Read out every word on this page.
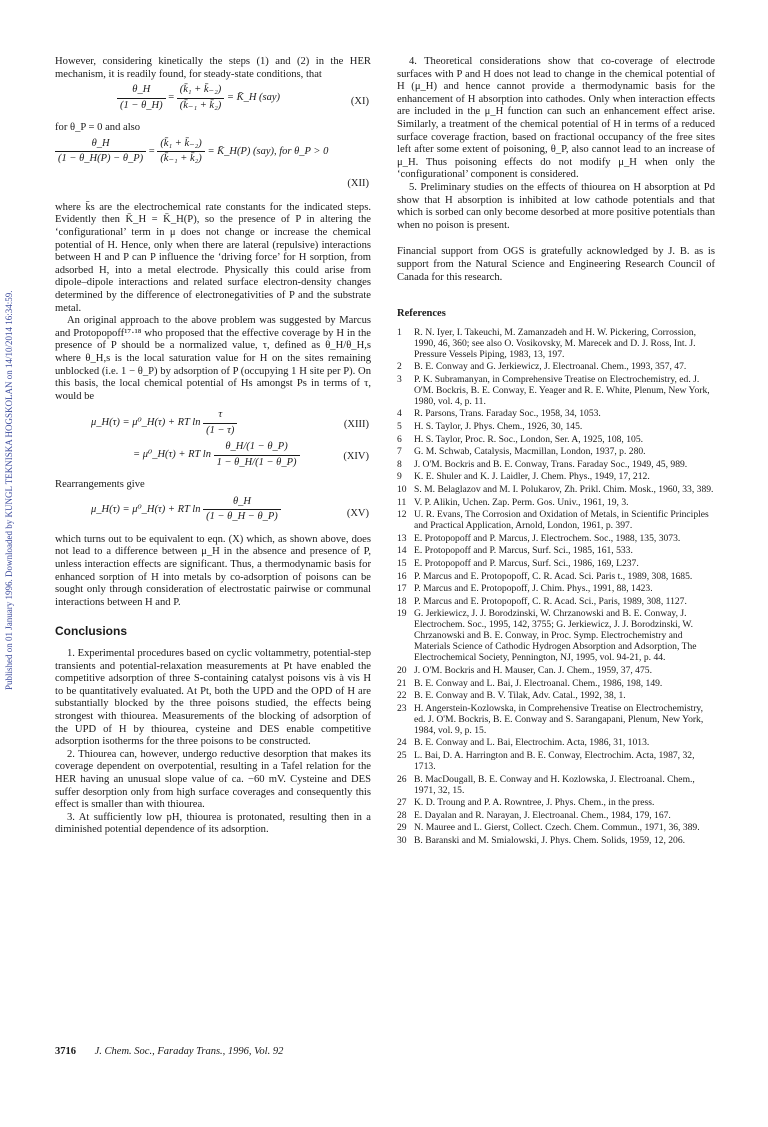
Published on 01 January 1996. Downloaded by KUNGL TEKNISKA HOGSKOLAN on 14/10/2014 16:34:59.

However, considering kinetically the steps (1) and (2) in the HER mechanism, it is readily found, for steady-state conditions, that

$\frac{\theta\_H}{(1 - \theta\_H)} = \frac{\text{(k̄₁ + k̄₋₂)}}{\text{(k̄₋₁ + k̄₂)}}$ = K̄_H (say)	(XI)

for θ_P = 0 and also

$\frac{\theta\_H}{(1 - \theta\_H(P) - \theta\_P)} = \frac{\text{(k̄₁ + k̄₋₂)}}{\text{(k̄₋₁ + k̄₂)}}$ = K̄_H(P) (say), for θ_P > 0
(XII)

where k̄s are the electrochemical rate constants for the indicated steps. Evidently then K̄_H = K̄_H(P), so the presence of P in altering the ‘configurational’ term in μ does not change or increase the chemical potential of H. Hence, only when there are lateral (repulsive) interactions between H and P can P influence the ‘driving force’ for H sorption, from adsorbed H, into a metal electrode. Physically this could arise from dipole–dipole interactions and related surface electron-density changes determined by the difference of electronegativities of P and the substrate metal.

An original approach to the above problem was suggested by Marcus and Protopopoff¹⁷·¹⁸ who proposed that the effective coverage by H in the presence of P should be a normalized value, τ, defined as θ_H/θ_H,s where θ_H,s is the local saturation value for H on the sites remaining unblocked (i.e. 1 − θ_P) by adsorption of P (occupying 1 H site per P). On this basis, the local chemical potential of Hs amongst Ps in terms of τ, would be

μ_H(τ) = μ⁰_H(τ) + RT $\ln \frac{\tau}{(1 - \tau)}$	(XIII)
= μ⁰_H(τ) + RT $\ln \frac{\theta\_H/(1 - \theta\_P)}{1 - \theta\_H/(1 - \theta\_P)}$	(XIV)

Rearrangements give

μ_H(τ) = μ⁰_H(τ) + RT $\ln \frac{\theta\_H}{(1 - \theta\_H - \theta\_P)}$	(XV)

which turns out to be equivalent to eqn. (X) which, as shown above, does not lead to a difference between μ_H in the absence and presence of P, unless interaction effects are significant. Thus, a thermodynamic basis for enhanced sorption of H into metals by co-adsorption of poisons can be sought only through consideration of electrostatic pairwise or communal interactions between H and P.

Conclusions

1. Experimental procedures based on cyclic voltammetry, potential-step transients and potential-relaxation measurements at Pt have enabled the competitive adsorption of three S-containing catalyst poisons vis à vis H to be quantitatively evaluated. At Pt, both the UPD and the OPD of H are substantially blocked by the three poisons studied, the effects being strongest with thiourea. Measurements of the blocking of adsorption of the UPD of H by thiourea, cysteine and DES enable competitive adsorption isotherms for the three poisons to be constructed.

2. Thiourea can, however, undergo reductive desorption that makes its coverage dependent on overpotential, resulting in a Tafel relation for the HER having an unusual slope value of ca. −60 mV. Cysteine and DES suffer desorption only from high surface coverages and consequently this effect is smaller than with thiourea.

3. At sufficiently low pH, thiourea is protonated, resulting then in a diminished potential dependence of its adsorption.

4. Theoretical considerations show that co-coverage of electrode surfaces with P and H does not lead to change in the chemical potential of H (μ_H) and hence cannot provide a thermodynamic basis for the enhancement of H absorption into cathodes. Only when interaction effects are included in the μ_H function can such an enhancement effect arise. Similarly, a treatment of the chemical potential of H in terms of a reduced surface coverage fraction, based on fractional occupancy of the free sites left after some extent of poisoning, θ_P, also cannot lead to an increase of μ_H. Thus poisoning effects do not modify μ_H when only the ‘configurational’ component is considered.

5. Preliminary studies on the effects of thiourea on H absorption at Pd show that H absorption is inhibited at low cathode potentials and that which is sorbed can only become desorbed at more positive potentials than when no poison is present.

Financial support from OGS is gratefully acknowledged by J. B. as is support from the Natural Science and Engineering Research Council of Canada for this research.

References
1	R. N. Iyer, I. Takeuchi, M. Zamanzadeh and H. W. Pickering, Corrossion, 1990, 46, 360; see also O. Vosikovsky, M. Marecek and D. J. Ross, Int. J. Pressure Vessels Piping, 1983, 13, 197.
2	B. E. Conway and G. Jerkiewicz, J. Electroanal. Chem., 1993, 357, 47.
3	P. K. Subramanyan, in Comprehensive Treatise on Electrochemistry, ed. J. O'M. Bockris, B. E. Conway, E. Yeager and R. E. White, Plenum, New York, 1980, vol. 4, p. 11.
4	R. Parsons, Trans. Faraday Soc., 1958, 34, 1053.
5	H. S. Taylor, J. Phys. Chem., 1926, 30, 145.
6	H. S. Taylor, Proc. R. Soc., London, Ser. A, 1925, 108, 105.
7	G. M. Schwab, Catalysis, Macmillan, London, 1937, p. 280.
8	J. O'M. Bockris and B. E. Conway, Trans. Faraday Soc., 1949, 45, 989.
9	K. E. Shuler and K. J. Laidler, J. Chem. Phys., 1949, 17, 212.
10 S. M. Belaglazov and M. I. Polukarov, Zh. Prikl. Chim. Mosk., 1960, 33, 389.
11 V. P. Alikin, Uchen. Zap. Perm. Gos. Univ., 1961, 19, 3.
12 U. R. Evans, The Corrosion and Oxidation of Metals, in Scientific Principles and Practical Application, Arnold, London, 1961, p. 397.
13 E. Protopopoff and P. Marcus, J. Electrochem. Soc., 1988, 135, 3073.
14 E. Protopopoff and P. Marcus, Surf. Sci., 1985, 161, 533.
15 E. Protopopoff and P. Marcus, Surf. Sci., 1986, 169, L237.
16 P. Marcus and E. Protopopoff, C. R. Acad. Sci. Paris t., 1989, 308, 1685.
17 P. Marcus and E. Protopopoff, J. Chim. Phys., 1991, 88, 1423.
18 P. Marcus and E. Protopopoff, C. R. Acad. Sci., Paris, 1989, 308, 1127.
19 G. Jerkiewicz, J. J. Borodzinski, W. Chrzanowski and B. E. Conway, J. Electrochem. Soc., 1995, 142, 3755; G. Jerkiewicz, J. J. Borodzinski, W. Chrzanowski and B. E. Conway, in Proc. Symp. Electrochemistry and Materials Science of Cathodic Hydrogen Absorption and Adsorption, The Electrochemical Society, Pennington, NJ, 1995, vol. 94-21, p. 44.
20 J. O'M. Bockris and H. Mauser, Can. J. Chem., 1959, 37, 475.
21 B. E. Conway and L. Bai, J. Electroanal. Chem., 1986, 198, 149.
22 B. E. Conway and B. V. Tilak, Adv. Catal., 1992, 38, 1.
23 H. Angerstein-Kozlowska, in Comprehensive Treatise on Electrochemistry, ed. J. O'M. Bockris, B. E. Conway and S. Sarangapani, Plenum, New York, 1984, vol. 9, p. 15.
24 B. E. Conway and L. Bai, Electrochim. Acta, 1986, 31, 1013.
25 L. Bai, D. A. Harrington and B. E. Conway, Electrochim. Acta, 1987, 32, 1713.
26 B. MacDougall, B. E. Conway and H. Kozlowska, J. Electroanal. Chem., 1971, 32, 15.
27 K. D. Troung and P. A. Rowntree, J. Phys. Chem., in the press.
28 E. Dayalan and R. Narayan, J. Electroanal. Chem., 1984, 179, 167.
29 N. Mauree and L. Gierst, Collect. Czech. Chem. Commun., 1971, 36, 389.
30 B. Baranski and M. Smialowski, J. Phys. Chem. Solids, 1959, 12, 206.
3716 J. Chem. Soc., Faraday Trans., 1996, Vol. 92
